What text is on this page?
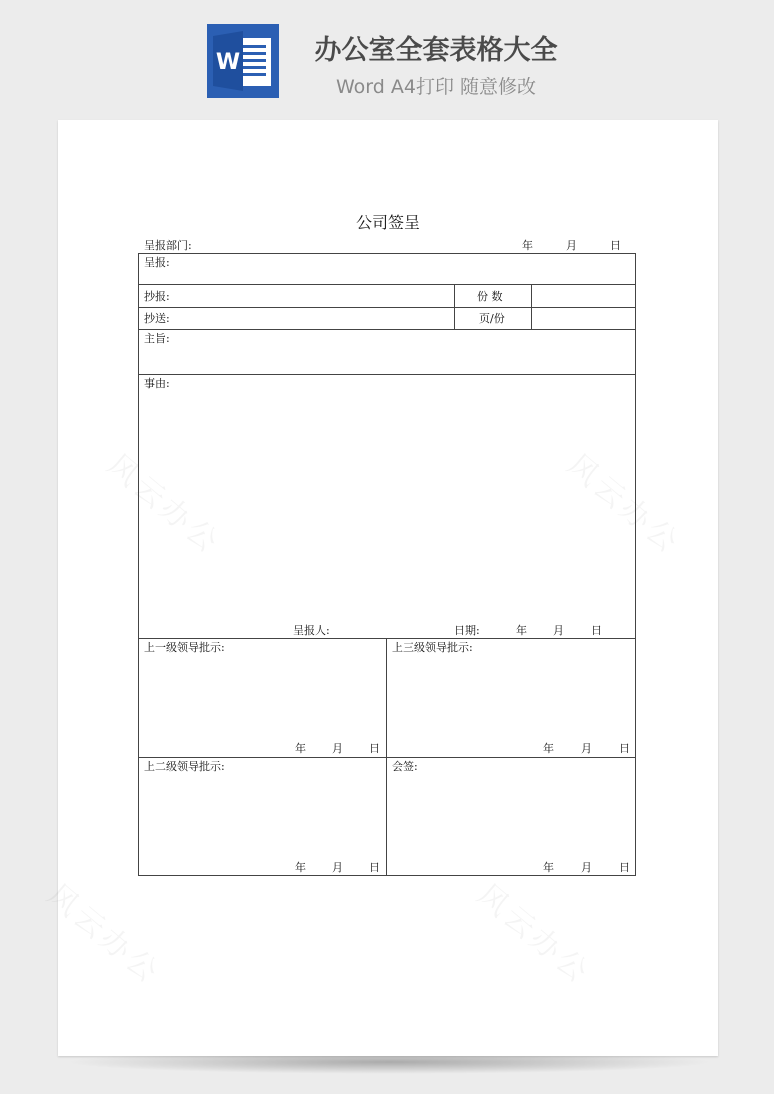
W	办公室全套表格大全
Word A4打印 随意修改
公司签呈
呈报部门:	年	月	日
呈报:
抄报:	份 数
抄送:	页/份
主旨:
事由:
呈报人:	日期:	年 月 日
上一级领导批示:	上三级领导批示:
年 月 日	年 月 日
上二级领导批示:	会签:
年 月 日	年 月 日
